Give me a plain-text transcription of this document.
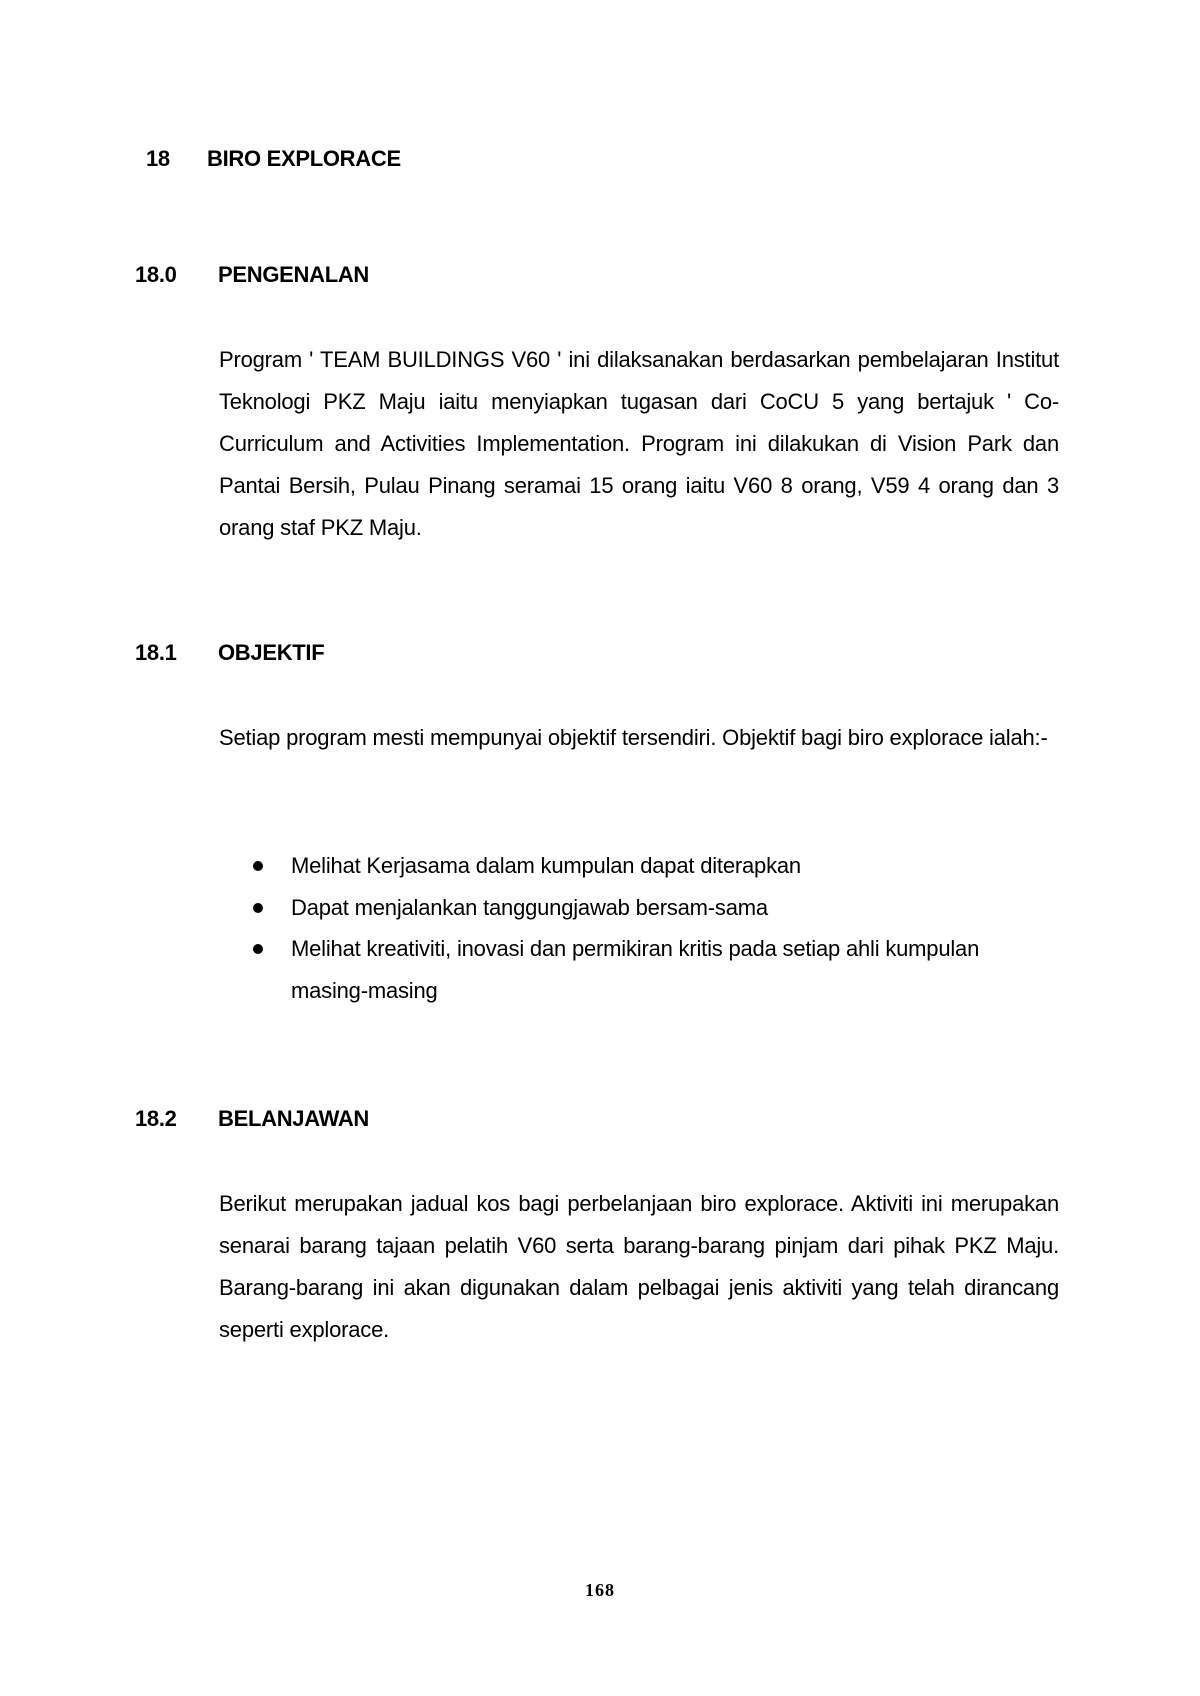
18 BIRO EXPLORACE
18.0 PENGENALAN

Program ' TEAM BUILDINGS V60 ' ini dilaksanakan berdasarkan pembelajaran Institut Teknologi PKZ Maju iaitu menyiapkan tugasan dari CoCU 5 yang bertajuk ' Co-Curriculum and Activities Implementation. Program ini dilakukan di Vision Park dan Pantai Bersih, Pulau Pinang seramai 15 orang iaitu V60 8 orang, V59 4 orang dan 3 orang staf PKZ Maju.

18.1 OBJEKTIF

Setiap program mesti mempunyai objektif tersendiri. Objektif bagi biro explorace ialah:-

Melihat Kerjasama dalam kumpulan dapat diterapkan
Dapat menjalankan tanggungjawab bersam-sama
Melihat kreativiti, inovasi dan permikiran kritis pada setiap ahli kumpulan masing-masing
18.2 BELANJAWAN

Berikut merupakan jadual kos bagi perbelanjaan biro explorace. Aktiviti ini merupakan senarai barang tajaan pelatih V60 serta barang-barang pinjam dari pihak PKZ Maju. Barang-barang ini akan digunakan dalam pelbagai jenis aktiviti yang telah dirancang seperti explorace.

168
